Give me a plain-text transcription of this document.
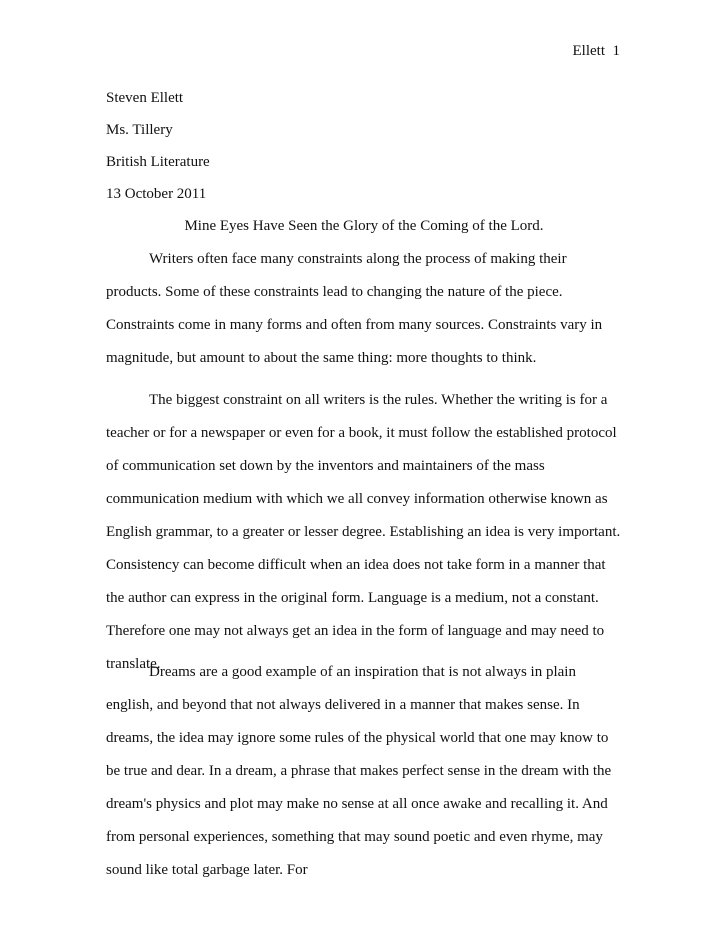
Ellett  1
Steven Ellett
Ms. Tillery
British Literature
13 October 2011
Mine Eyes Have Seen the Glory of the Coming of the Lord.

Writers often face many constraints along the process of making their products. Some of these constraints lead to changing the nature of the piece. Constraints come in many forms and often from many sources. Constraints vary in magnitude, but amount to about the same thing: more thoughts to think.

The biggest constraint on all writers is the rules. Whether the writing is for a teacher or for a newspaper or even for a book, it must follow the established protocol of communication set down by the inventors and maintainers of the mass communication medium with which we all convey information otherwise known as English grammar, to a greater or lesser degree. Establishing an idea is very important. Consistency can become difficult when an idea does not take form in a manner that the author can express in the original form. Language is a medium, not a constant. Therefore one may not always get an idea in the form of language and may need to translate.

Dreams are a good example of an inspiration that is not always in plain english, and beyond that not always delivered in a manner that makes sense. In dreams, the idea may ignore some rules of the physical world that one may know to be true and dear. In a dream, a phrase that makes perfect sense in the dream with the dream's physics and plot may make no sense at all once awake and recalling it. And from personal experiences, something that may sound poetic and even rhyme, may sound like total garbage later. For
